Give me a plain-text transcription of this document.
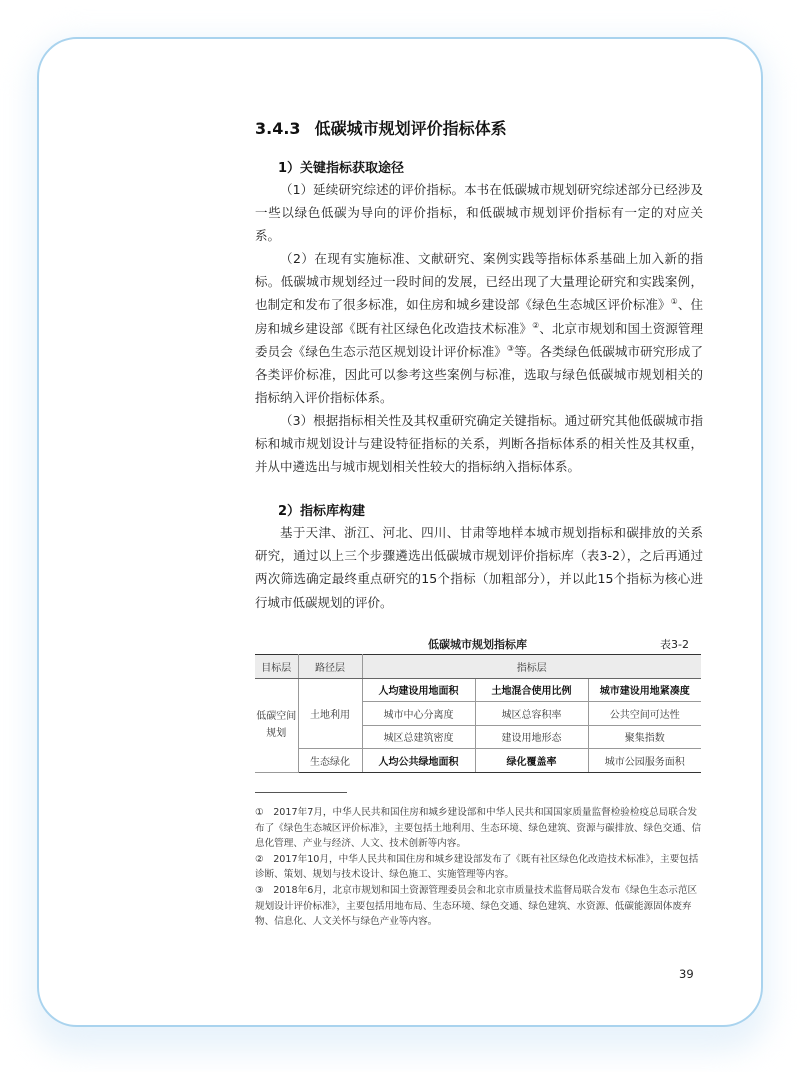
3.4.3 低碳城市规划评价指标体系
1）关键指标获取途径
（1）延续研究综述的评价指标。本书在低碳城市规划研究综述部分已经涉及一些以绿色低碳为导向的评价指标，和低碳城市规划评价指标有一定的对应关系。
（2）在现有实施标准、文献研究、案例实践等指标体系基础上加入新的指标。低碳城市规划经过一段时间的发展，已经出现了大量理论研究和实践案例，也制定和发布了很多标准，如住房和城乡建设部《绿色生态城区评价标准》①、住房和城乡建设部《既有社区绿色化改造技术标准》②、北京市规划和国土资源管理委员会《绿色生态示范区规划设计评价标准》③等。各类绿色低碳城市研究形成了各类评价标准，因此可以参考这些案例与标准，选取与绿色低碳城市规划相关的指标纳入评价指标体系。
（3）根据指标相关性及其权重研究确定关键指标。通过研究其他低碳城市指标和城市规划设计与建设特征指标的关系，判断各指标体系的相关性及其权重，并从中遴选出与城市规划相关性较大的指标纳入指标体系。
2）指标库构建
基于天津、浙江、河北、四川、甘肃等地样本城市规划指标和碳排放的关系研究，通过以上三个步骤遴选出低碳城市规划评价指标库（表3-2），之后再通过两次筛选确定最终重点研究的15个指标（加粗部分），并以此15个指标为核心进行城市低碳规划的评价。
低碳城市规划指标库	表3-2
目标层	路径层	指标层		
低碳空间规划	土地利用	人均建设用地面积	土地混合使用比例	城市建设用地紧凑度
		城市中心分离度	城区总容积率	公共空间可达性
		城区总建筑密度	建设用地形态	聚集指数
	生态绿化	人均公共绿地面积	绿化覆盖率	城市公园服务面积

①　2017年7月，中华人民共和国住房和城乡建设部和中华人民共和国国家质量监督检验检疫总局联合发布了《绿色生态城区评价标准》，主要包括土地利用、生态环境、绿色建筑、资源与碳排放、绿色交通、信息化管理、产业与经济、人文、技术创新等内容。

②　2017年10月，中华人民共和国住房和城乡建设部发布了《既有社区绿色化改造技术标准》，主要包括诊断、策划、规划与技术设计、绿色施工、实施管理等内容。

③　2018年6月，北京市规划和国土资源管理委员会和北京市质量技术监督局联合发布《绿色生态示范区规划设计评价标准》，主要包括用地布局、生态环境、绿色交通、绿色建筑、水资源、低碳能源固体废弃物、信息化、人文关怀与绿色产业等内容。

39
